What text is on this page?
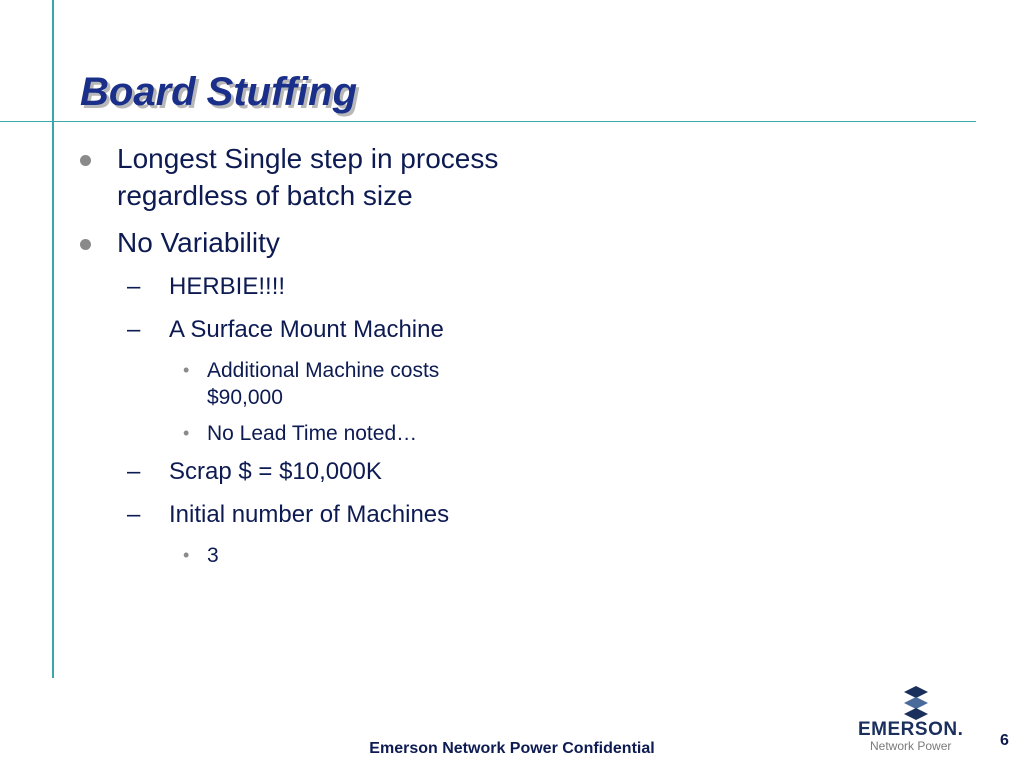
Board Stuffing
Longest Single step in process regardless of batch size
No Variability
– HERBIE!!!!
– A Surface Mount Machine
• Additional Machine costs $90,000
• No Lead Time noted…
– Scrap $ = $10,000K
– Initial number of Machines
• 3
Emerson Network Power Confidential	6
EMERSON.
Network Power
